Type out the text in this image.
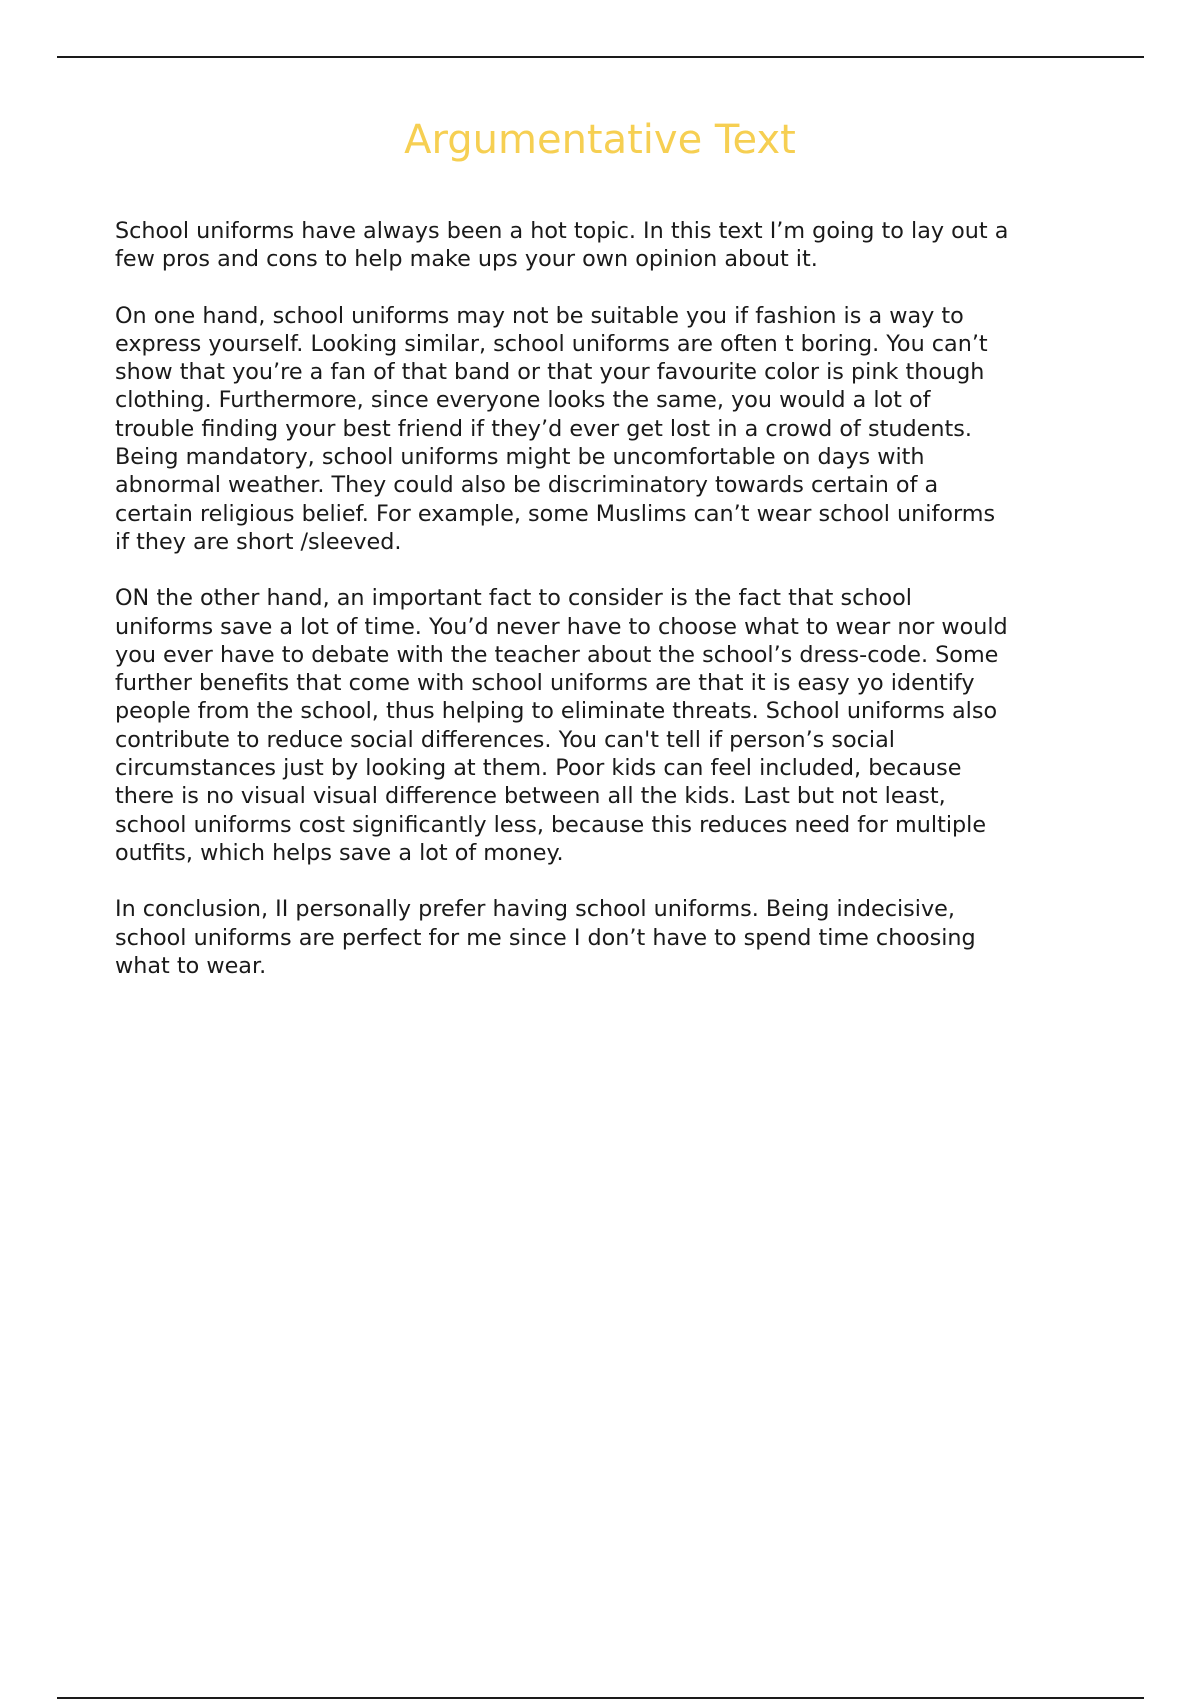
Argumentative Text

School uniforms have always been a hot topic. In this text I’m going to lay out a
few pros and cons to help make ups your own opinion about it.

On one hand, school uniforms may not be suitable you if fashion is a way to
express yourself. Looking similar, school uniforms are often t boring. You can’t
show that you’re a fan of that band or that your favourite color is pink though
clothing. Furthermore, since everyone looks the same, you would a lot of
trouble finding your best friend if they’d ever get lost in a crowd of students.
Being mandatory, school uniforms might be uncomfortable on days with
abnormal weather. They could also be discriminatory towards certain of a
certain religious belief. For example, some Muslims can’t wear school uniforms
if they are short /sleeved.

ON the other hand, an important fact to consider is the fact that school
uniforms save a lot of time. You’d never have to choose what to wear nor would
you ever have to debate with the teacher about the school’s dress-code. Some
further benefits that come with school uniforms are that it is easy yo identify
people from the school, thus helping to eliminate threats. School uniforms also
contribute to reduce social differences. You can't tell if person’s social
circumstances just by looking at them. Poor kids can feel included, because
there is no visual visual difference between all the kids. Last but not least,
school uniforms cost significantly less, because this reduces need for multiple
outfits, which helps save a lot of money.

In conclusion, II personally prefer having school uniforms. Being indecisive,
school uniforms are perfect for me since I don’t have to spend time choosing
what to wear.
